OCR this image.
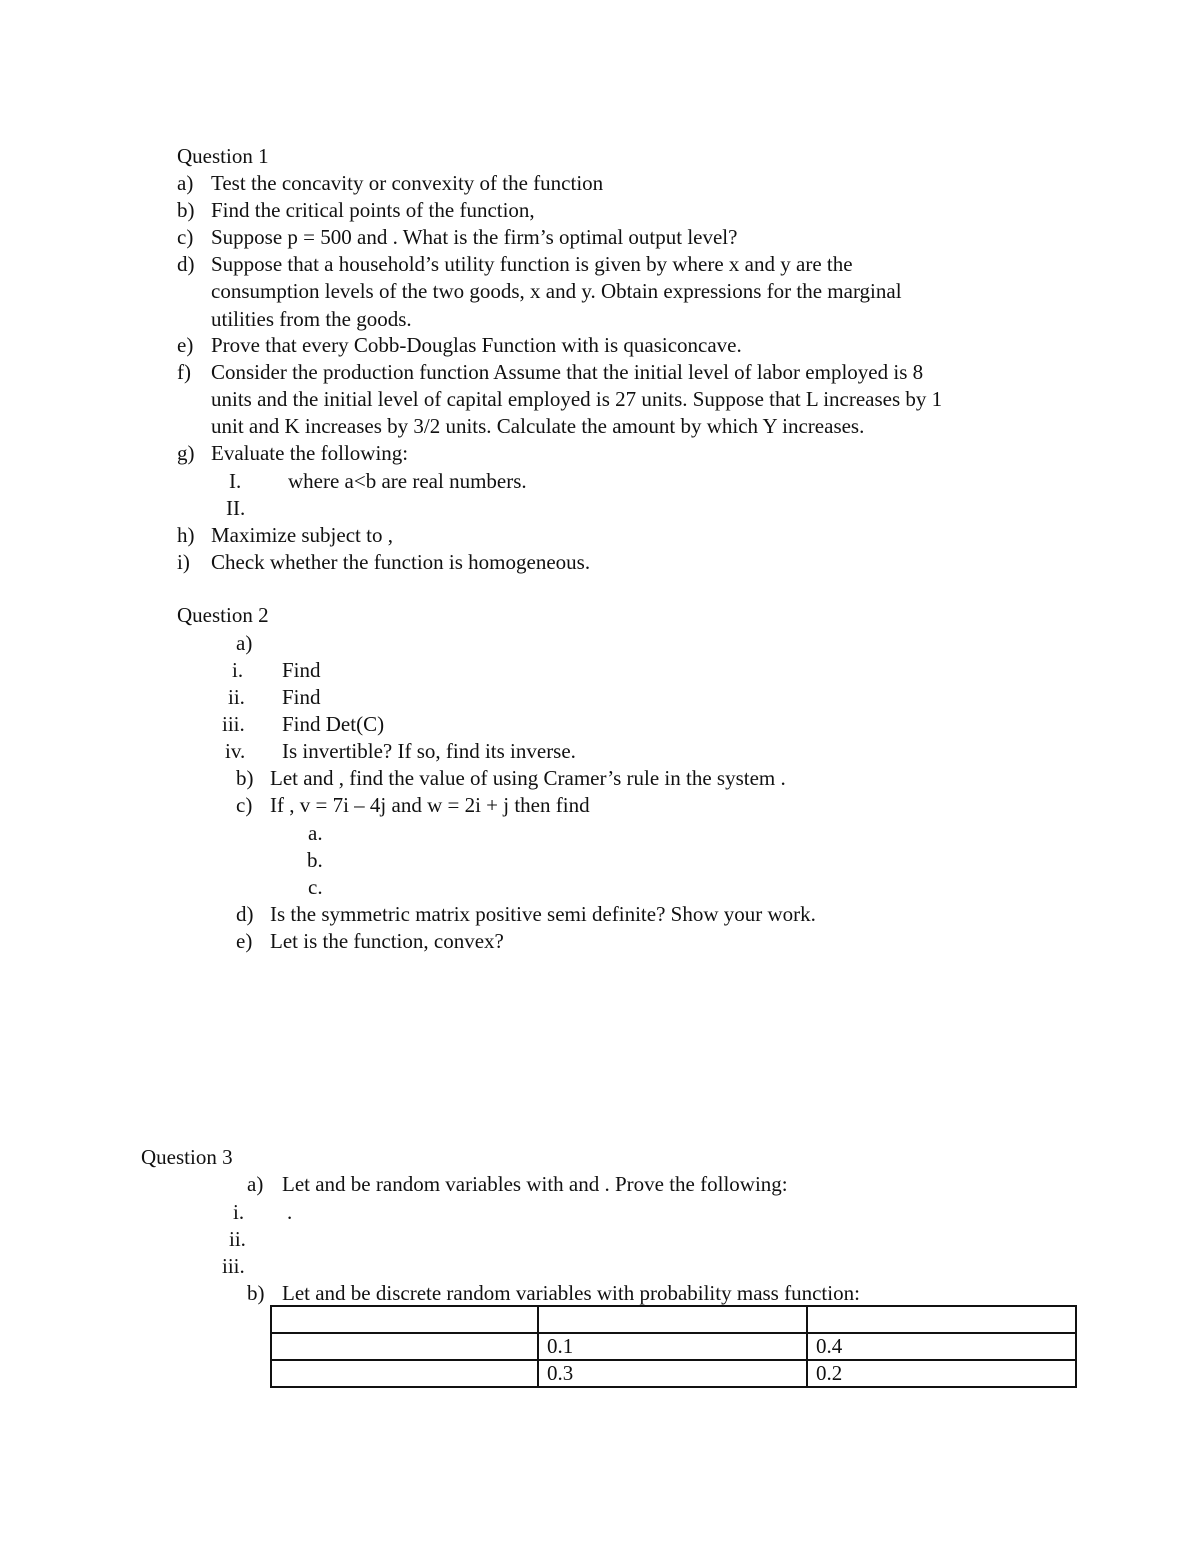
Question 1
a) Test the concavity or convexity of the function
b) Find the critical points of the function,
c) Suppose p = 500 and . What is the firm’s optimal output level?
d) Suppose that a household’s utility function is given by where x and y are the
consumption levels of the two goods, x and y. Obtain expressions for the marginal
utilities from the goods.
e) Prove that every Cobb-Douglas Function with is quasiconcave.
f) Consider the production function Assume that the initial level of labor employed is 8
units and the initial level of capital employed is 27 units. Suppose that L increases by 1
unit and K increases by 3/2 units. Calculate the amount by which Y increases.
g) Evaluate the following:
I. where a<b are real numbers.
II.
h) Maximize subject to ,
i) Check whether the function is homogeneous.
Question 2
a)
i. Find
ii. Find
iii. Find Det(C)
iv. Is invertible? If so, find its inverse.
b) Let and , find the value of using Cramer’s rule in the system .
c) If , v = 7i – 4j and w = 2i + j then find
a.
b.
c.
d) Is the symmetric matrix positive semi definite? Show your work.
e) Let is the function, convex?
Question 3
a) Let and be random variables with and . Prove the following:
i. .
ii.
iii.
b) Let and be discrete random variables with probability mass function:

	0.1	0.4
	0.3	0.2
